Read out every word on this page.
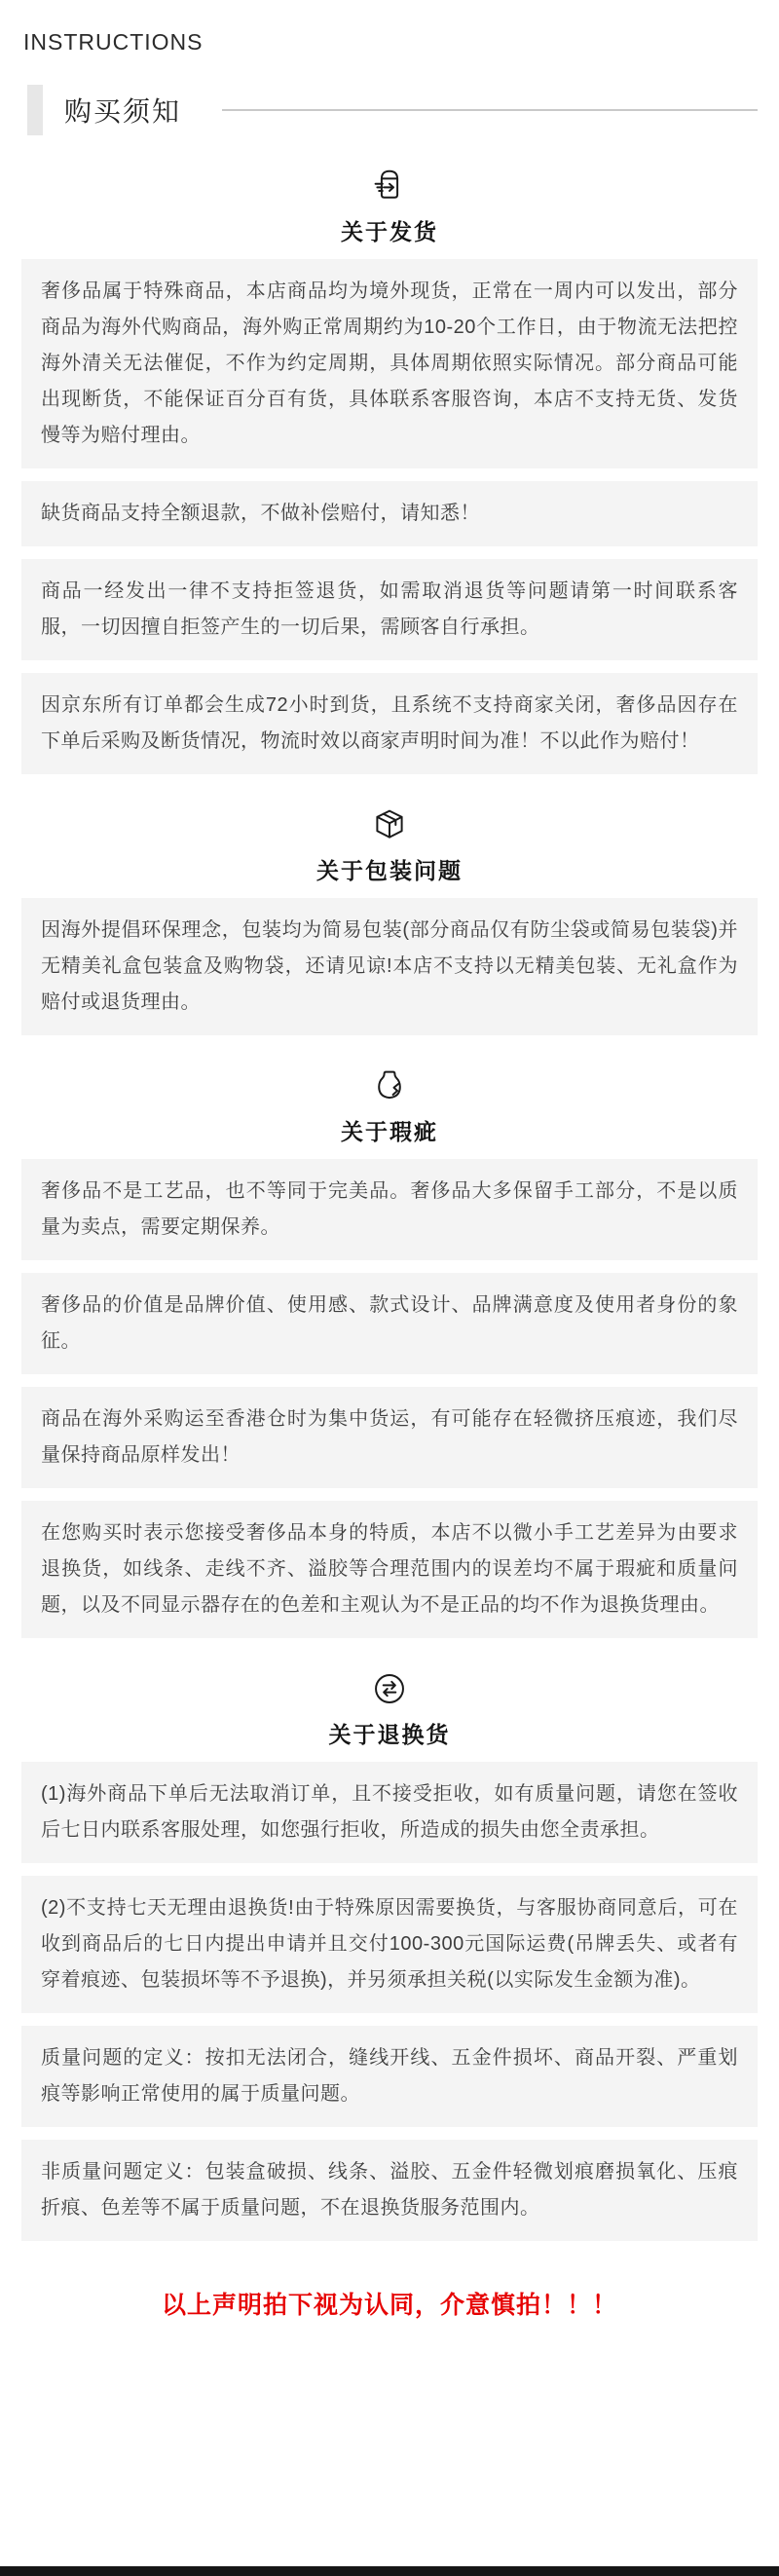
INSTRUCTIONS
购买须知
关于发货
奢侈品属于特殊商品，本店商品均为境外现货，正常在一周内可以发出，部分商品为海外代购商品，海外购正常周期约为10-20个工作日，由于物流无法把控海外清关无法催促，不作为约定周期，具体周期依照实际情况。部分商品可能出现断货，不能保证百分百有货，具体联系客服咨询，本店不支持无货、发货慢等为赔付理由。
缺货商品支持全额退款，不做补偿赔付，请知悉！
商品一经发出一律不支持拒签退货，如需取消退货等问题请第一时间联系客服，一切因擅自拒签产生的一切后果，需顾客自行承担。
因京东所有订单都会生成72小时到货，且系统不支持商家关闭，奢侈品因存在下单后采购及断货情况，物流时效以商家声明时间为准！不以此作为赔付！
关于包装问题
因海外提倡环保理念，包装均为简易包装(部分商品仅有防尘袋或简易包装袋)并无精美礼盒包装盒及购物袋，还请见谅!本店不支持以无精美包装、无礼盒作为赔付或退货理由。
关于瑕疵
奢侈品不是工艺品，也不等同于完美品。奢侈品大多保留手工部分，不是以质量为卖点，需要定期保养。
奢侈品的价值是品牌价值、使用感、款式设计、品牌满意度及使用者身份的象征。
商品在海外采购运至香港仓时为集中货运，有可能存在轻微挤压痕迹，我们尽量保持商品原样发出！
在您购买时表示您接受奢侈品本身的特质，本店不以微小手工艺差异为由要求退换货，如线条、走线不齐、溢胶等合理范围内的误差均不属于瑕疵和质量问题，以及不同显示器存在的色差和主观认为不是正品的均不作为退换货理由。
关于退换货
(1)海外商品下单后无法取消订单，且不接受拒收，如有质量问题，请您在签收后七日内联系客服处理，如您强行拒收，所造成的损失由您全责承担。
(2)不支持七天无理由退换货!由于特殊原因需要换货，与客服协商同意后，可在收到商品后的七日内提出申请并且交付100-300元国际运费(吊牌丢失、或者有穿着痕迹、包装损坏等不予退换)，并另须承担关税(以实际发生金额为准)。
质量问题的定义：按扣无法闭合，缝线开线、五金件损坏、商品开裂、严重划痕等影响正常使用的属于质量问题。
非质量问题定义：包装盒破损、线条、溢胶、五金件轻微划痕磨损氧化、压痕折痕、色差等不属于质量问题，不在退换货服务范围内。
以上声明拍下视为认同，介意慎拍！！！
